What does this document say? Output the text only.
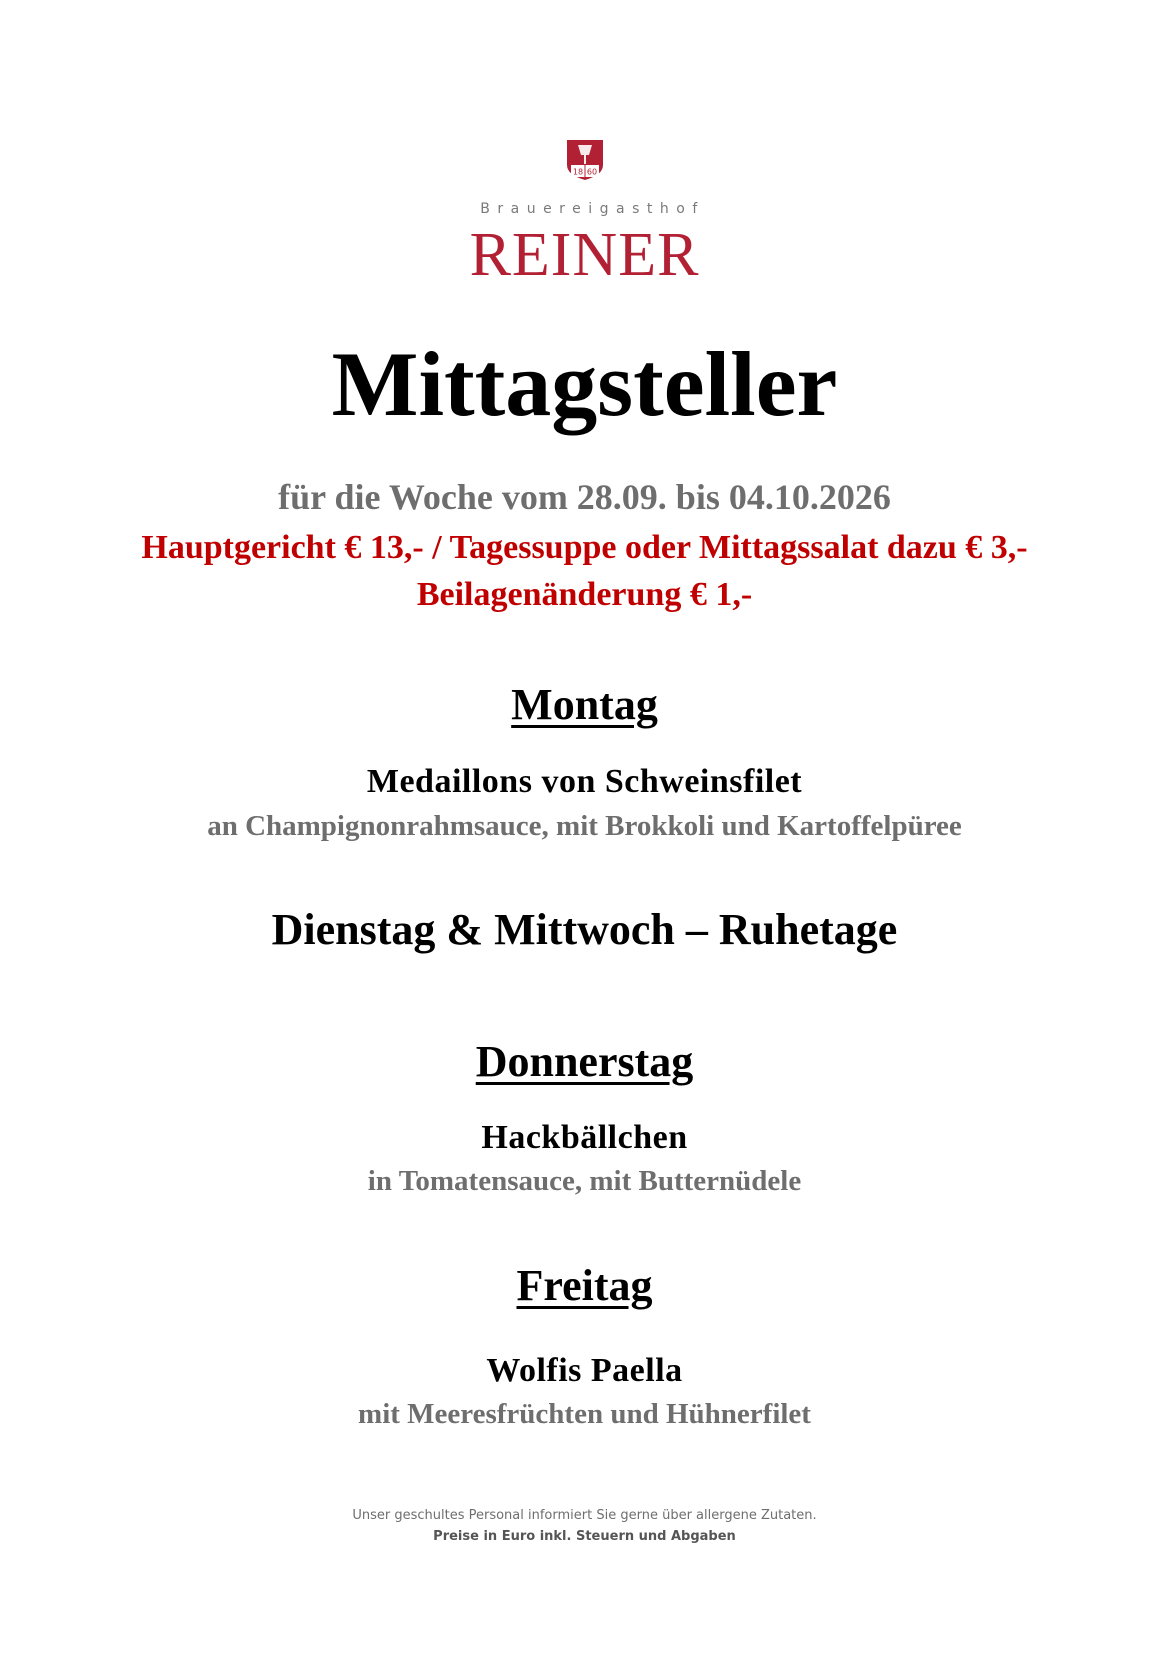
18 60
Brauereigasthof
REINER
Mittagsteller
für die Woche vom 28.09. bis 04.10.2026
Hauptgericht € 13,- / Tagessuppe oder Mittagssalat dazu € 3,-
Beilagenänderung € 1,-
Montag
Medaillons von Schweinsfilet
an Champignonrahmsauce, mit Brokkoli und Kartoffelpüree
Dienstag & Mittwoch – Ruhetage
Donnerstag
Hackbällchen
in Tomatensauce, mit Butternüdele
Freitag
Wolfis Paella
mit Meeresfrüchten und Hühnerfilet
Unser geschultes Personal informiert Sie gerne über allergene Zutaten.
Preise in Euro inkl. Steuern und Abgaben
